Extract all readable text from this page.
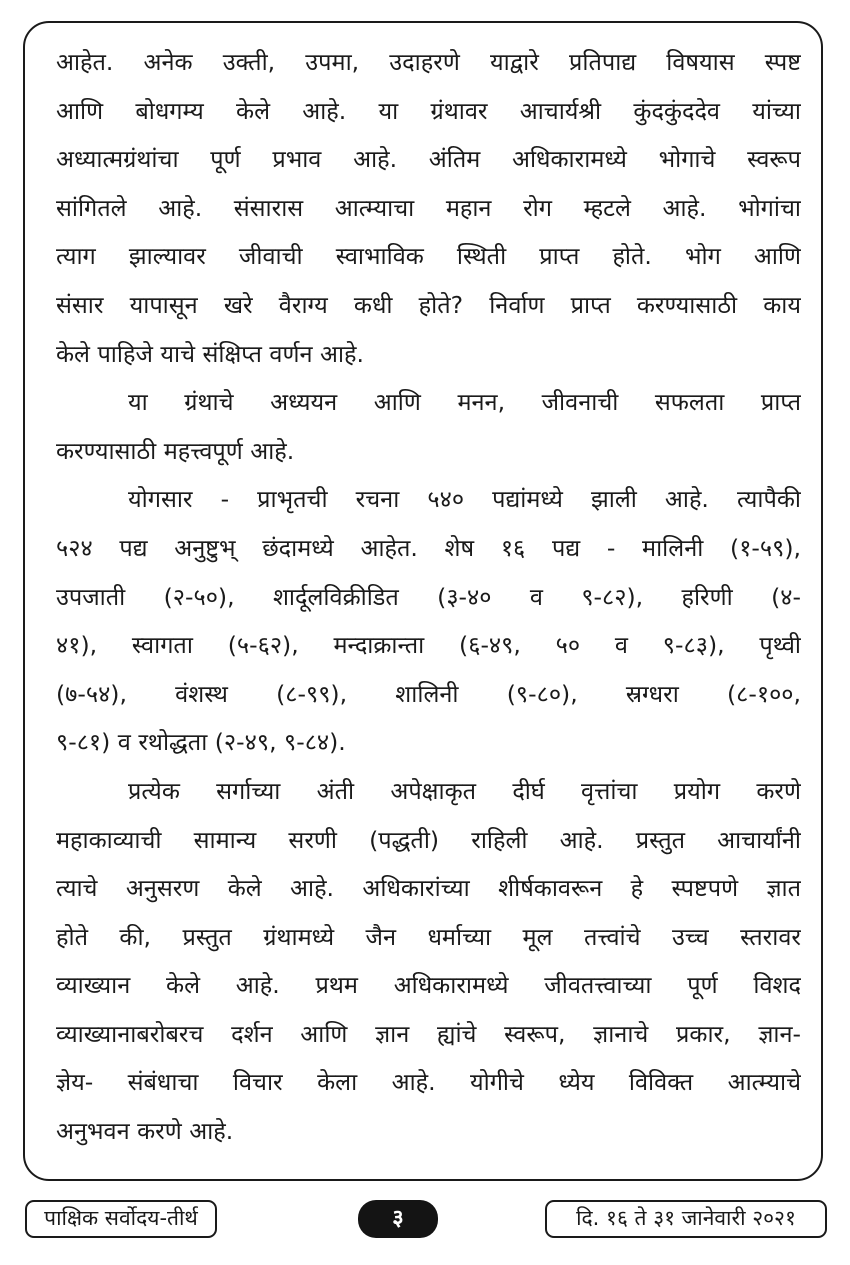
आहेत. अनेक उक्ती, उपमा, उदाहरणे याद्वारे प्रतिपाद्य विषयास स्पष्ट
आणि बोधगम्य केले आहे. या ग्रंथावर आचार्यश्री कुंदकुंददेव यांच्या
अध्यात्मग्रंथांचा पूर्ण प्रभाव आहे. अंतिम अधिकारामध्ये भोगाचे स्वरूप
सांगितले आहे. संसारास आत्म्याचा महान रोग म्हटले आहे. भोगांचा
त्याग झाल्यावर जीवाची स्वाभाविक स्थिती प्राप्त होते. भोग आणि
संसार यापासून खरे वैराग्य कधी होते? निर्वाण प्राप्त करण्यासाठी काय
केले पाहिजे याचे संक्षिप्त वर्णन आहे.
या ग्रंथाचे अध्ययन आणि मनन, जीवनाची सफलता प्राप्त
करण्यासाठी महत्त्वपूर्ण आहे.
योगसार - प्राभृतची रचना ५४० पद्यांमध्ये झाली आहे. त्यापैकी
५२४ पद्य अनुष्टुभ् छंदामध्ये आहेत. शेष १६ पद्य - मालिनी (१-५९),
उपजाती (२-५०), शार्दूलविक्रीडित (३-४० व ९-८२), हरिणी (४-
४१), स्वागता (५-६२), मन्दाक्रान्ता (६-४९, ५० व ९-८३), पृथ्वी
(७-५४), वंशस्थ (८-९९), शालिनी (९-८०), स्रग्धरा (८-१००,
९-८१) व रथोद्धता (२-४९, ९-८४).
प्रत्येक सर्गाच्या अंती अपेक्षाकृत दीर्घ वृत्तांचा प्रयोग करणे
महाकाव्याची सामान्य सरणी (पद्धती) राहिली आहे. प्रस्तुत आचार्यांनी
त्याचे अनुसरण केले आहे. अधिकारांच्या शीर्षकावरून हे स्पष्टपणे ज्ञात
होते की, प्रस्तुत ग्रंथामध्ये जैन धर्माच्या मूल तत्त्वांचे उच्च स्तरावर
व्याख्यान केले आहे. प्रथम अधिकारामध्ये जीवतत्त्वाच्या पूर्ण विशद
व्याख्यानाबरोबरच दर्शन आणि ज्ञान ह्यांचे स्वरूप, ज्ञानाचे प्रकार, ज्ञान-
ज्ञेय- संबंधाचा विचार केला आहे. योगीचे ध्येय विविक्त आत्म्याचे
अनुभवन करणे आहे.
पाक्षिक सर्वोदय-तीर्थ	३	दि. १६ ते ३१ जानेवारी २०२१
